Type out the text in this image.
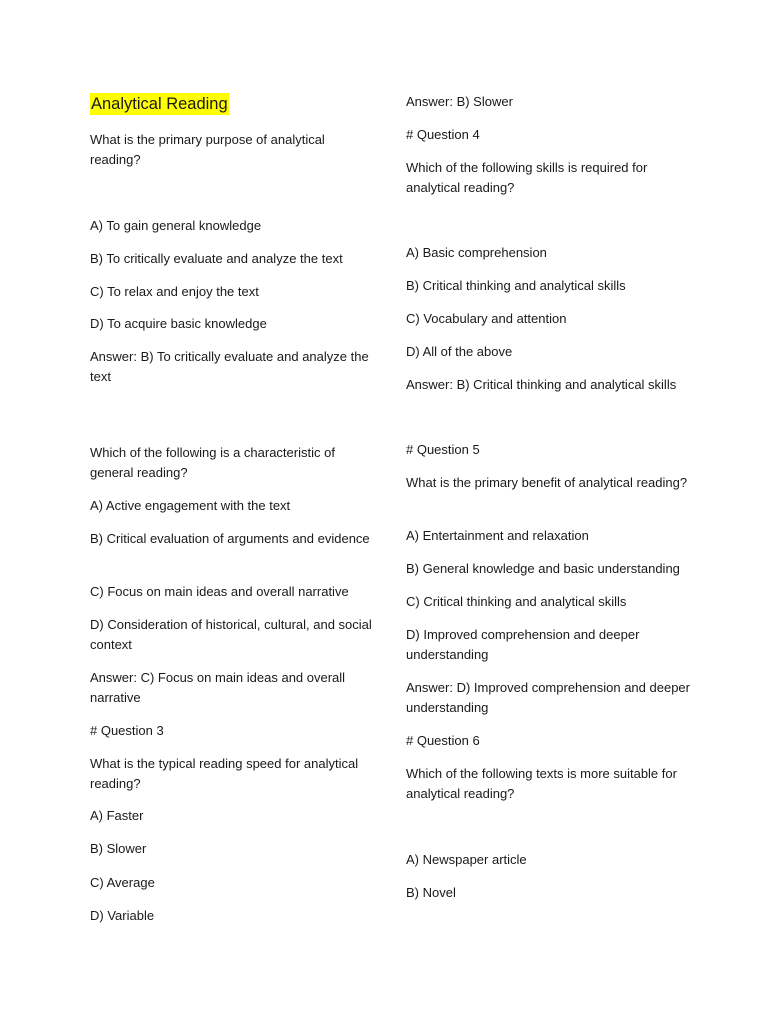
Analytical Reading

What is the primary purpose of analytical reading?

A) To gain general knowledge

B) To critically evaluate and analyze the text

C) To relax and enjoy the text

D) To acquire basic knowledge

Answer: B) To critically evaluate and analyze the text

Which of the following is a characteristic of general reading?

A) Active engagement with the text

B) Critical evaluation of arguments and evidence

C) Focus on main ideas and overall narrative

D) Consideration of historical, cultural, and social context

Answer: C) Focus on main ideas and overall narrative

# Question 3

What is the typical reading speed for analytical reading?

A) Faster

B) Slower

C) Average

D) Variable

Answer: B) Slower

# Question 4

Which of the following skills is required for analytical reading?

A) Basic comprehension

B) Critical thinking and analytical skills

C) Vocabulary and attention

D) All of the above

Answer: B) Critical thinking and analytical skills

# Question 5

What is the primary benefit of analytical reading?

A) Entertainment and relaxation

B) General knowledge and basic understanding

C) Critical thinking and analytical skills

D) Improved comprehension and deeper understanding

Answer: D) Improved comprehension and deeper understanding

# Question 6

Which of the following texts is more suitable for analytical reading?

A) Newspaper article

B) Novel
